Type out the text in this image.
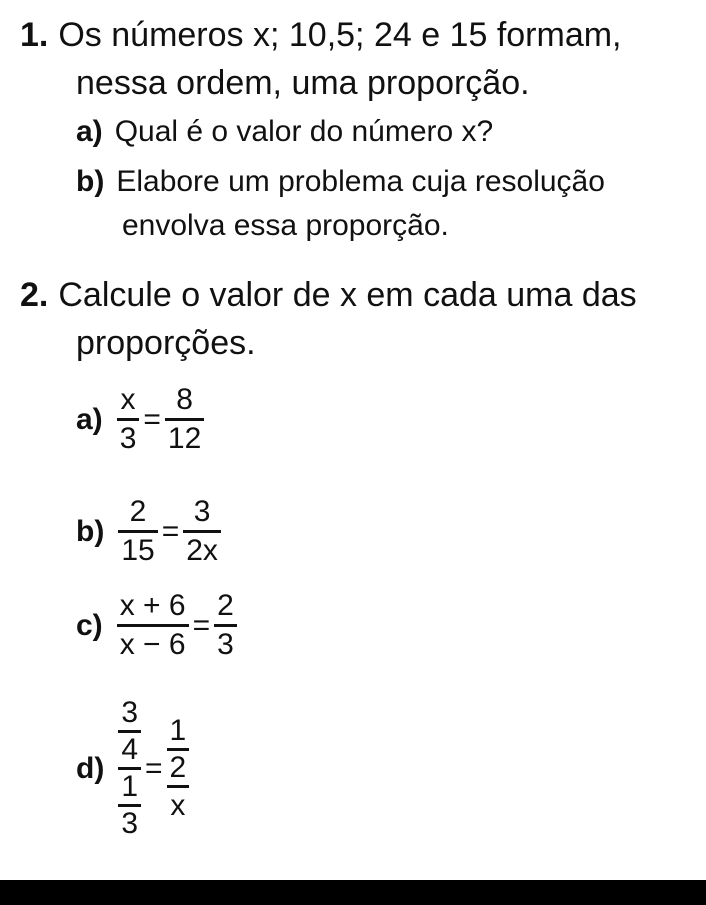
1. Os números x; 10,5; 24 e 15 formam,
nessa ordem, uma proporção.
a) Qual é o valor do número x?
b) Elabore um problema cuja resolução
envolva essa proporção.
2. Calcule o valor de x em cada uma das
proporções.
$a) \frac{x}{3} = \frac{8}{12}$
$b) \frac{2}{15} = \frac{3}{2x}$
$c) \frac{x + 6}{x - 6} = \frac{2}{3}$
$d) \frac{\frac{3}{4}}{\frac{1}{3}} = \frac{\frac{1}{2}}{x}$
